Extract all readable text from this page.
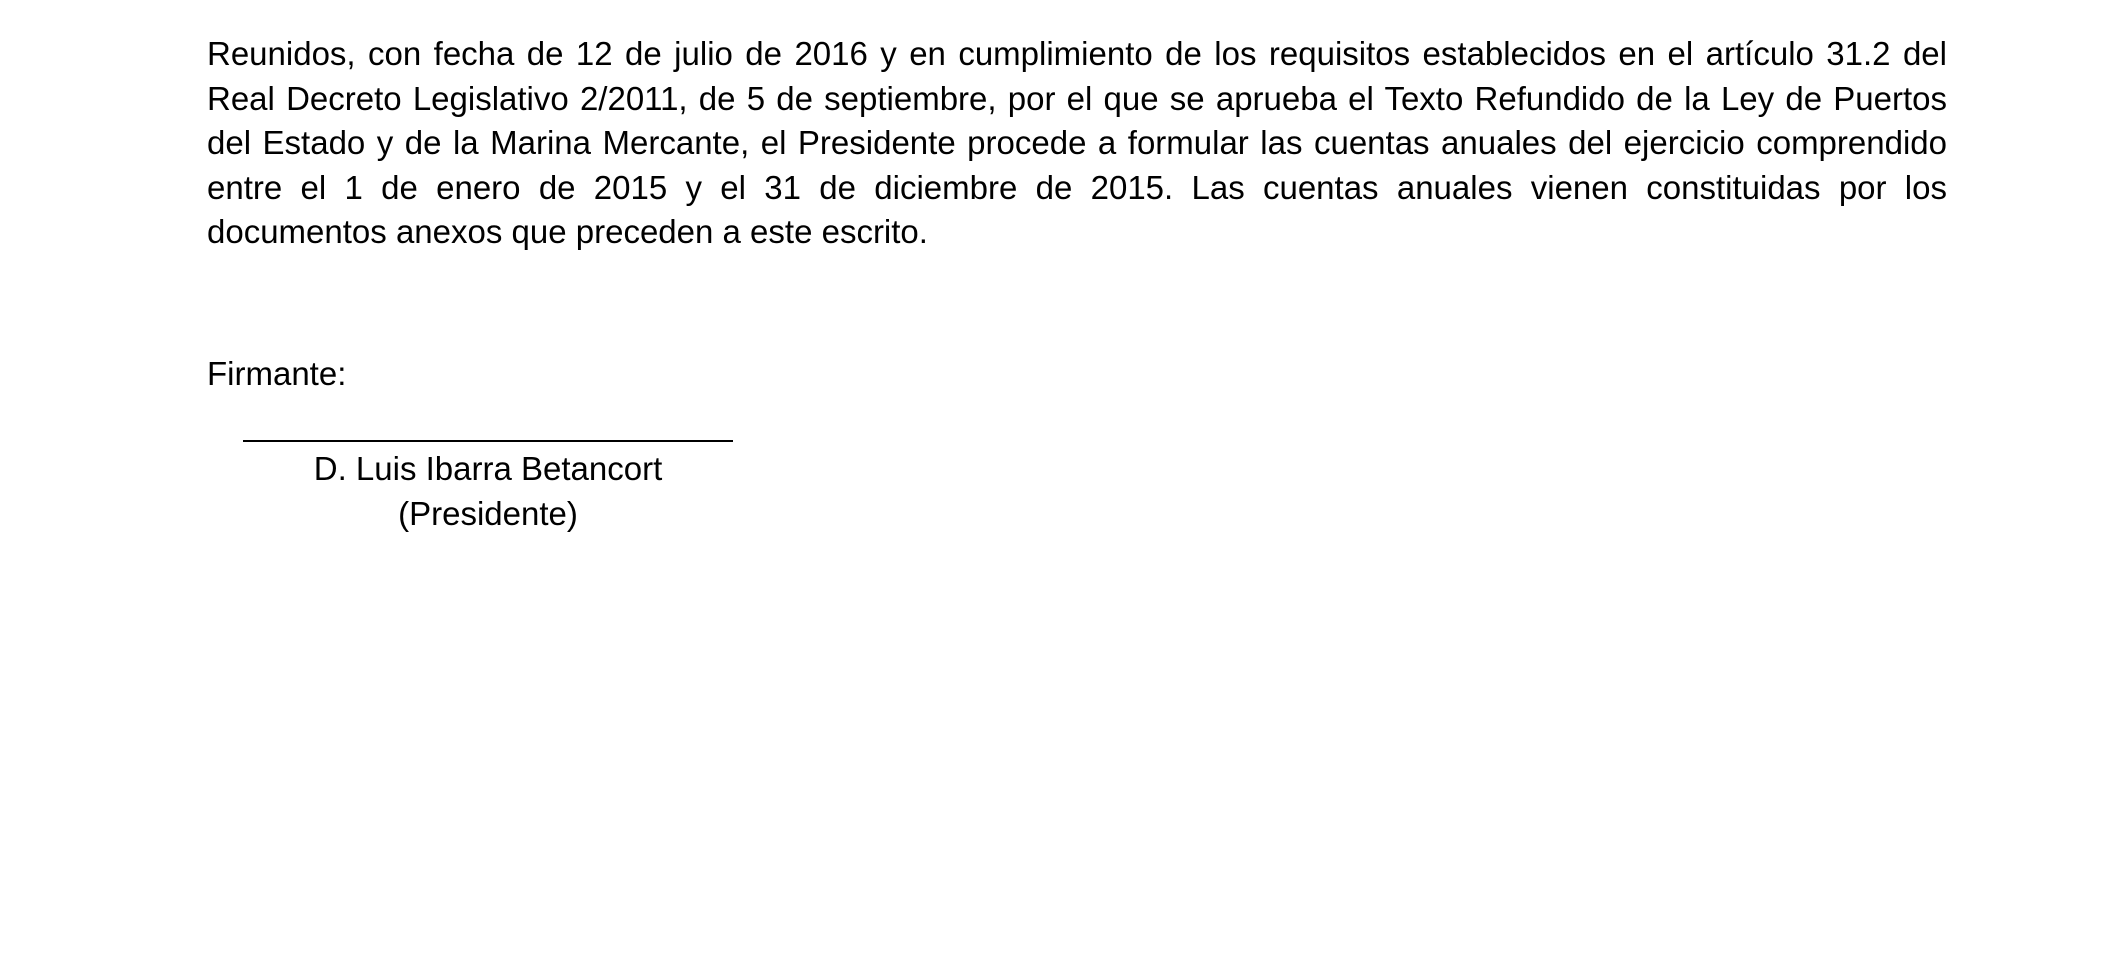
Reunidos, con fecha de 12 de julio de 2016 y en cumplimiento de los requisitos establecidos en el artículo 31.2 del Real Decreto Legislativo 2/2011, de 5 de septiembre, por el que se aprueba el Texto Refundido de la Ley de Puertos del Estado y de la Marina Mercante, el Presidente procede a formular las cuentas anuales del ejercicio comprendido entre el 1 de enero de 2015 y el 31 de diciembre de 2015. Las cuentas anuales vienen constituidas por los documentos anexos que preceden a este escrito.

Firmante:

D. Luis Ibarra Betancort
(Presidente)
